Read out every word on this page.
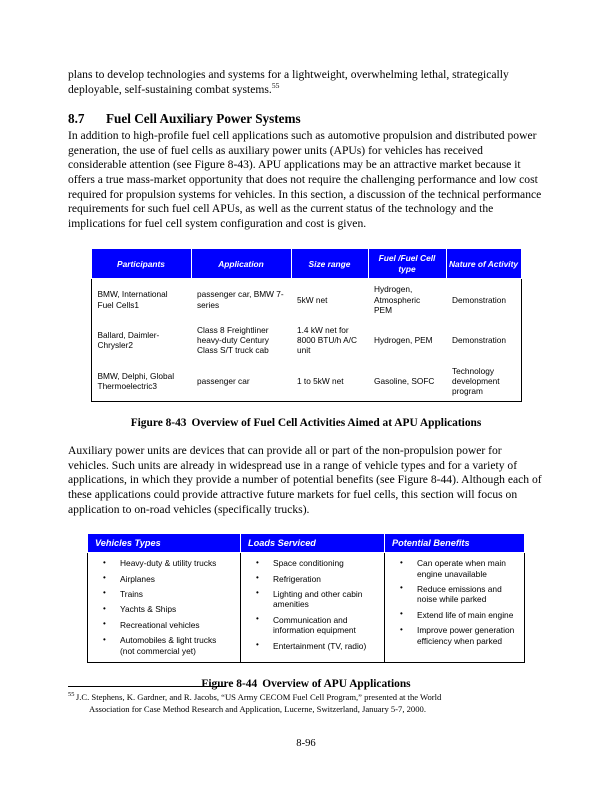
plans to develop technologies and systems for a lightweight, overwhelming lethal, strategically deployable, self-sustaining combat systems.$^{55}$

8.7 Fuel Cell Auxiliary Power Systems

In addition to high-profile fuel cell applications such as automotive propulsion and distributed power generation, the use of fuel cells as auxiliary power units (APUs) for vehicles has received considerable attention (see Figure 8-43). APU applications may be an attractive market because it offers a true mass-market opportunity that does not require the challenging performance and low cost required for propulsion systems for vehicles. In this section, a discussion of the technical performance requirements for such fuel cell APUs, as well as the current status of the technology and the implications for fuel cell system configuration and cost is given.

Participants	Application	Size range	Fuel /Fuel Cell type	Nature of Activity
BMW, International Fuel Cells1	passenger car, BMW 7-series	5kW net	Hydrogen, Atmospheric PEM	Demonstration
Ballard, Daimler-Chrysler2	Class 8 Freightliner heavy-duty Century Class S/T truck cab	1.4 kW net for 8000 BTU/h A/C unit	Hydrogen, PEM	Demonstration
BMW, Delphi, Global Thermoelectric3	passenger car	1 to 5kW net	Gasoline, SOFC	Technology development program
Figure 8-43 Overview of Fuel Cell Activities Aimed at APU Applications

Auxiliary power units are devices that can provide all or part of the non-propulsion power for vehicles. Such units are already in widespread use in a range of vehicle types and for a variety of applications, in which they provide a number of potential benefits (see Figure 8-44). Although each of these applications could provide attractive future markets for fuel cells, this section will focus on application to on-road vehicles (specifically trucks).

Vehicles Types	Loads Serviced	Potential Benefits

• Heavy-duty & utility trucks
• Airplanes
• Trains
• Yachts & Ships
• Recreational vehicles
• Automobiles & light trucks (not commercial yet)

• Space conditioning
• Refrigeration
• Lighting and other cabin amenities
• Communication and information equipment
• Entertainment (TV, radio)

• Can operate when main engine unavailable
• Reduce emissions and noise while parked
• Extend life of main engine
• Improve power generation efficiency when parked
Figure 8-44 Overview of APU Applications
$^{55}$ J.C. Stephens, K. Gardner, and R. Jacobs, “US Army CECOM Fuel Cell Program,” presented at the World
Association for Case Method Research and Application, Lucerne, Switzerland, January 5-7, 2000.
8-96
